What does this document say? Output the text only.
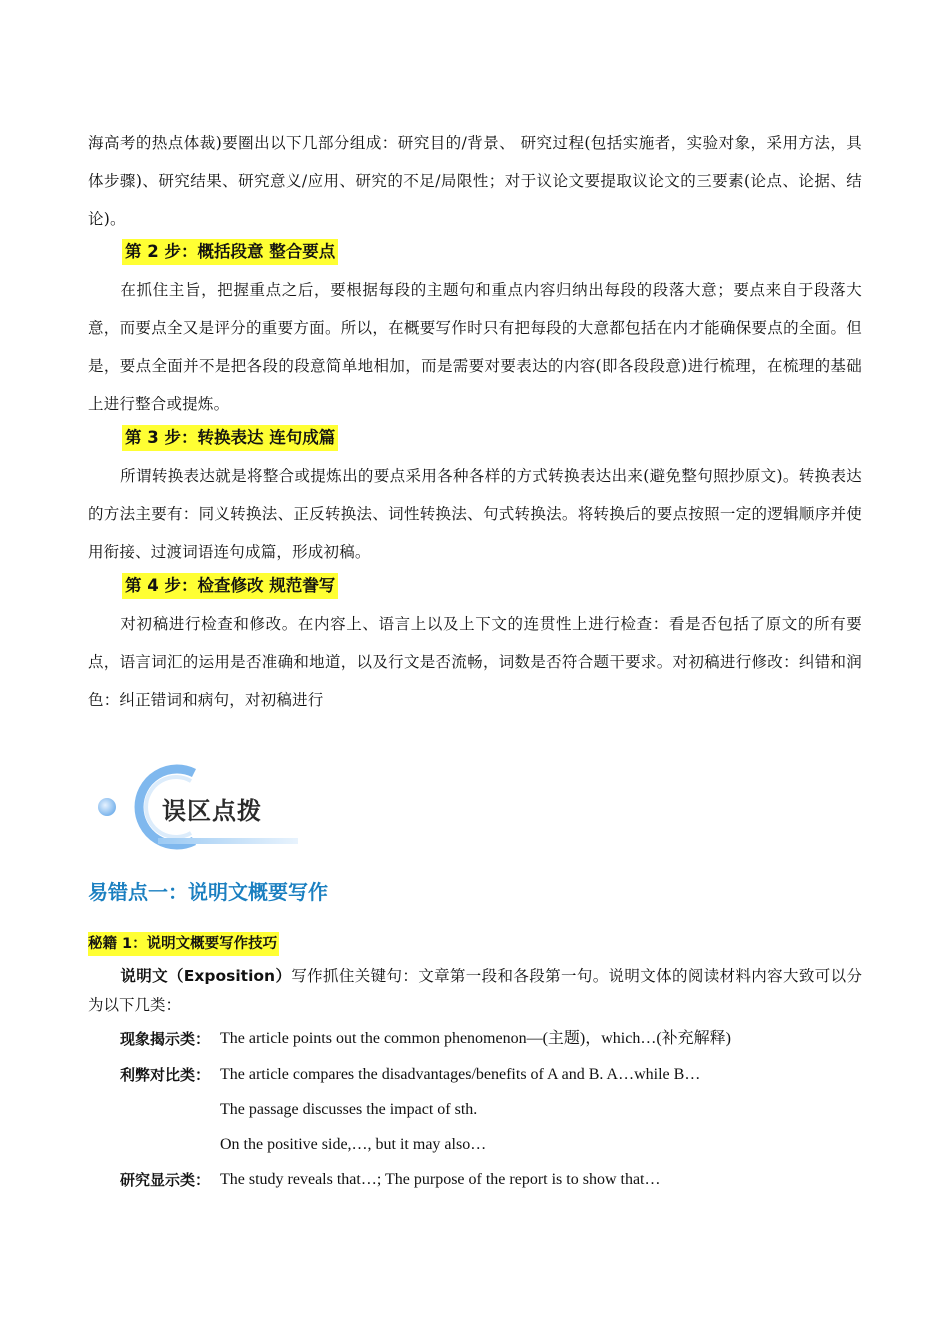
海高考的热点体裁)要圈出以下几部分组成：研究目的/背景、 研究过程(包括实施者，实验对象，采用方法，具体步骤)、研究结果、研究意义/应用、研究的不足/局限性；对于议论文要提取议论文的三要素(论点、论据、结论)。
第 2 步：概括段意 整合要点
在抓住主旨，把握重点之后，要根据每段的主题句和重点内容归纳出每段的段落大意；要点来自于段落大意，而要点全又是评分的重要方面。所以，在概要写作时只有把每段的大意都包括在内才能确保要点的全面。但是，要点全面并不是把各段的段意简单地相加，而是需要对要表达的内容(即各段段意)进行梳理，在梳理的基础上进行整合或提炼。
第 3 步：转换表达 连句成篇
所谓转换表达就是将整合或提炼出的要点采用各种各样的方式转换表达出来(避免整句照抄原文)。转换表达的方法主要有：同义转换法、正反转换法、词性转换法、句式转换法。将转换后的要点按照一定的逻辑顺序并使用衔接、过渡词语连句成篇，形成初稿。
第 4 步：检查修改 规范誊写
对初稿进行检查和修改。在内容上、语言上以及上下文的连贯性上进行检查：看是否包括了原文的所有要点，语言词汇的运用是否准确和地道，以及行文是否流畅，词数是否符合题干要求。对初稿进行修改：纠错和润色：纠正错词和病句，对初稿进行
误区点拨
易错点一：说明文概要写作
秘籍 1：说明文概要写作技巧
说明文（Exposition）写作抓住关键句：文章第一段和各段第一句。说明文体的阅读材料内容大致可以分为以下几类：
现象揭示类： The article points out the common phenomenon—(主题)，which…(补充解释)
利弊对比类： The article compares the disadvantages/benefits of A and B. A…while B…
The passage discusses the impact of sth.
On the positive side,…, but it may also…
研究显示类： The study reveals that…; The purpose of the report is to show that…
